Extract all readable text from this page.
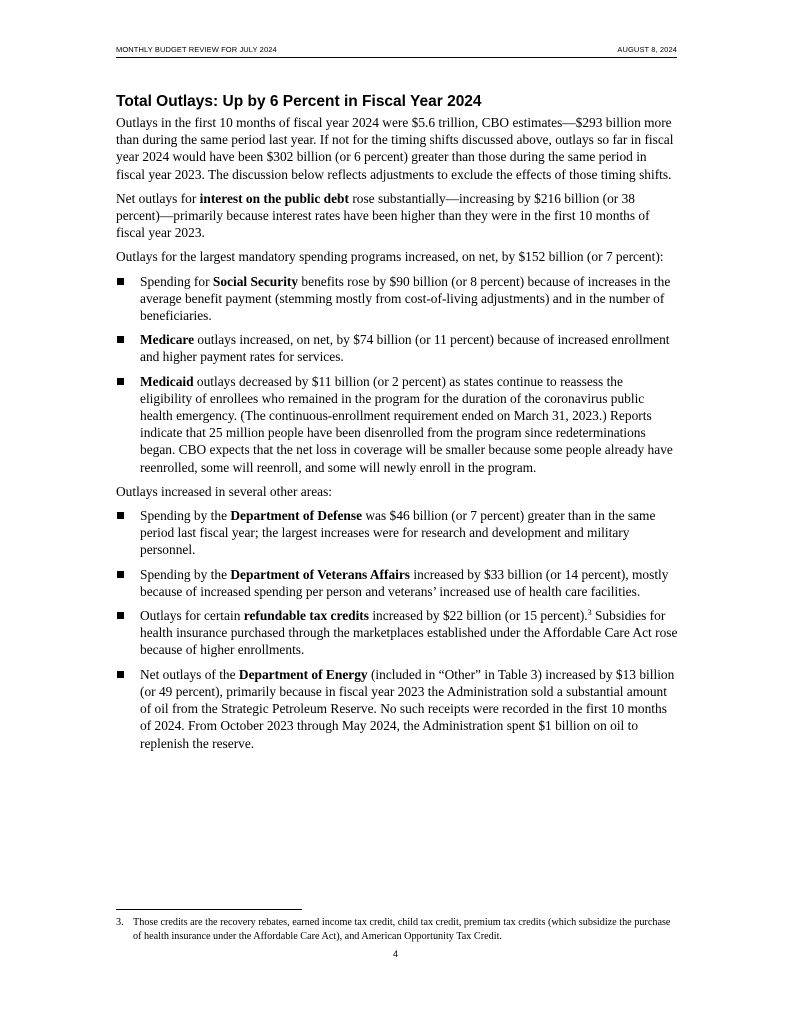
MONTHLY BUDGET REVIEW FOR JULY 2024	AUGUST 8, 2024
Total Outlays: Up by 6 Percent in Fiscal Year 2024

Outlays in the first 10 months of fiscal year 2024 were $5.6 trillion, CBO estimates—$293 billion more than during the same period last year. If not for the timing shifts discussed above, outlays so far in fiscal year 2024 would have been $302 billion (or 6 percent) greater than those during the same period in fiscal year 2023. The discussion below reflects adjustments to exclude the effects of those timing shifts.

Net outlays for interest on the public debt rose substantially—increasing by $216 billion (or 38 percent)—primarily because interest rates have been higher than they were in the first 10 months of fiscal year 2023.

Outlays for the largest mandatory spending programs increased, on net, by $152 billion (or 7 percent):

Spending for Social Security benefits rose by $90 billion (or 8 percent) because of increases in the average benefit payment (stemming mostly from cost-of-living adjustments) and in the number of beneficiaries.
Medicare outlays increased, on net, by $74 billion (or 11 percent) because of increased enrollment and higher payment rates for services.
Medicaid outlays decreased by $11 billion (or 2 percent) as states continue to reassess the eligibility of enrollees who remained in the program for the duration of the coronavirus public health emergency. (The continuous-enrollment requirement ended on March 31, 2023.) Reports indicate that 25 million people have been disenrolled from the program since redeterminations began. CBO expects that the net loss in coverage will be smaller because some people already have reenrolled, some will reenroll, and some will newly enroll in the program.

Outlays increased in several other areas:

Spending by the Department of Defense was $46 billion (or 7 percent) greater than in the same period last fiscal year; the largest increases were for research and development and military personnel.
Spending by the Department of Veterans Affairs increased by $33 billion (or 14 percent), mostly because of increased spending per person and veterans’ increased use of health care facilities.
Outlays for certain refundable tax credits increased by $22 billion (or 15 percent).$^3$ Subsidies for health insurance purchased through the marketplaces established under the Affordable Care Act rose because of higher enrollments.
Net outlays of the Department of Energy (included in “Other” in Table 3) increased by $13 billion (or 49 percent), primarily because in fiscal year 2023 the Administration sold a substantial amount of oil from the Strategic Petroleum Reserve. No such receipts were recorded in the first 10 months of 2024. From October 2023 through May 2024, the Administration spent $1 billion on oil to replenish the reserve.
3. Those credits are the recovery rebates, earned income tax credit, child tax credit, premium tax credits (which subsidize the purchase of health insurance under the Affordable Care Act), and American Opportunity Tax Credit.
4
